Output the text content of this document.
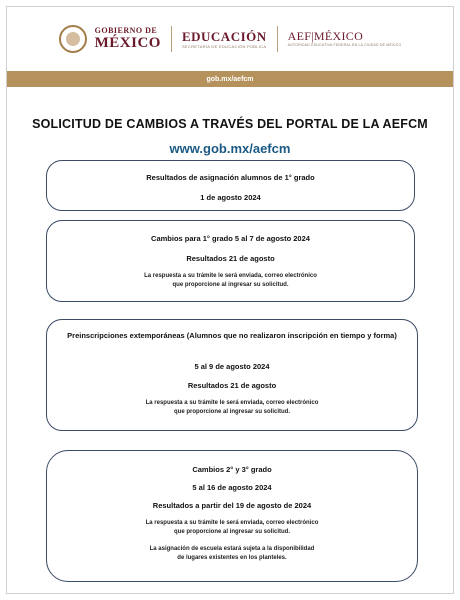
GOBIERNO DE
MÉXICO EDUCACIÓN
SECRETARÍA DE EDUCACIÓN PÚBLICA
AEF|MÉXICO
AUTORIDAD EDUCATIVA FEDERAL EN LA CIUDAD DE MÉXICO
gob.mx/aefcm
SOLICITUD DE CAMBIOS A TRAVÉS DEL PORTAL DE LA AEFCM
www.gob.mx/aefcm
Resultados de asignación alumnos de 1° grado
1 de agosto 2024
Cambios para 1° grado 5 al 7 de agosto 2024
Resultados 21 de agosto
La respuesta a su trámite le será enviada, correo electrónico
que proporcione al ingresar su solicitud.
Preinscripciones extemporáneas (Alumnos que no realizaron inscripción en tiempo y forma)
5 al 9 de agosto 2024
Resultados 21 de agosto
La respuesta a su trámite le será enviada, correo electrónico
que proporcione al ingresar su solicitud.
Cambios 2° y 3° grado
5 al 16 de agosto 2024
Resultados a partir del 19 de agosto de 2024
La respuesta a su trámite le será enviada, correo electrónico
que proporcione al ingresar su solicitud.
La asignación de escuela estará sujeta a la disponibilidad
de lugares existentes en los planteles.
